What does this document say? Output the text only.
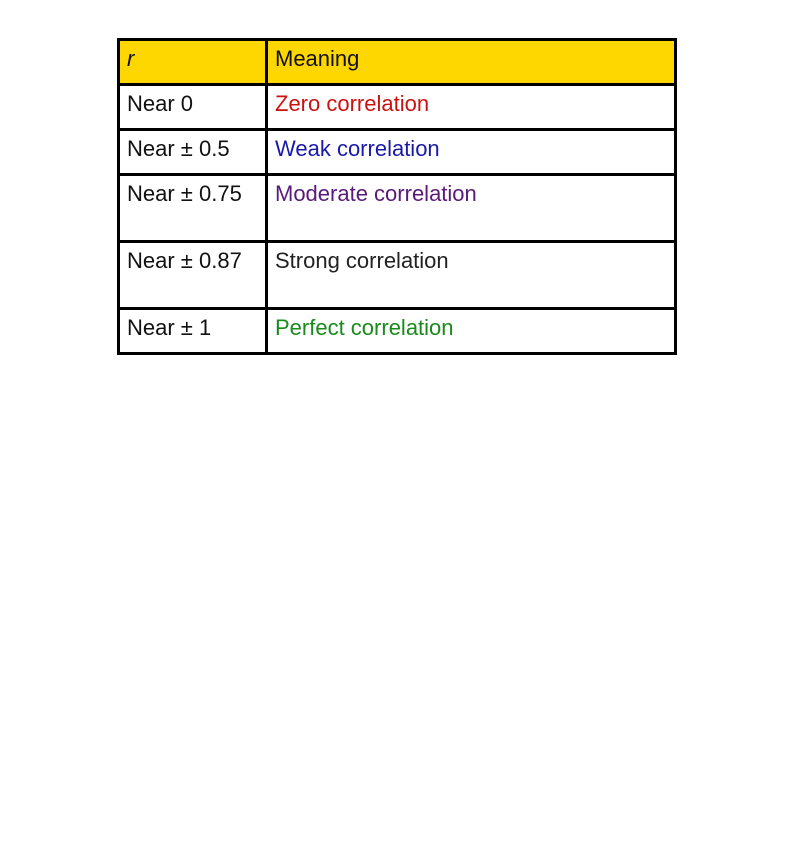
r	Meaning
Near 0	Zero correlation
Near ± 0.5	Weak correlation
Near ± 0.75	Moderate correlation
Near ± 0.87	Strong correlation
Near ± 1	Perfect correlation
